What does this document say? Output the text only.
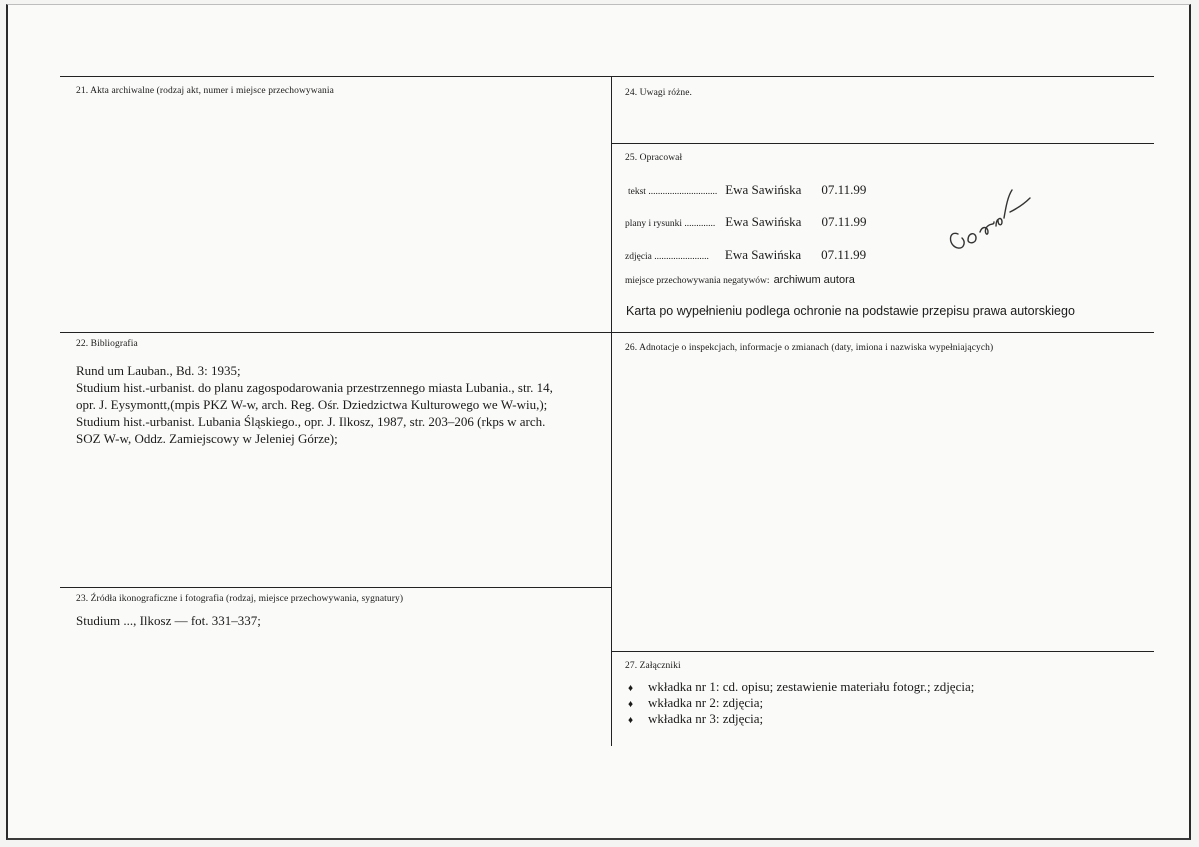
21. Akta archiwalne (rodzaj akt, numer i miejsce przechowywania	24. Uwagi różne.
25. Opracował
tekst ............................. Ewa Sawińska 07.11.99
plany i rysunki ............. Ewa Sawińska 07.11.99
zdjęcia ....................... Ewa Sawińska 07.11.99
miejsce przechowywania negatywów: archiwum autora
Karta po wypełnieniu podlega ochronie na podstawie przepisu prawa autorskiego
22. Bibliografia
Rund um Lauban., Bd. 3: 1935;
Studium hist.-urbanist. do planu zagospodarowania przestrzennego miasta Lubania., str. 14,
opr. J. Eysymontt,(mpis PKZ W-w, arch. Reg. Ośr. Dziedzictwa Kulturowego we W-wiu,);
Studium hist.-urbanist. Lubania Śląskiego., opr. J. Ilkosz, 1987, str. 203–206 (rkps w arch.
SOZ W-w, Oddz. Zamiejscowy w Jeleniej Górze);
26. Adnotacje o inspekcjach, informacje o zmianach (daty, imiona i nazwiska wypełniających)
23. Źródła ikonograficzne i fotografia (rodzaj, miejsce przechowywania, sygnatury)
Studium ..., Ilkosz — fot. 331–337;
27. Załączniki
♦ wkładka nr 1: cd. opisu; zestawienie materiału fotogr.; zdjęcia;
♦ wkładka nr 2: zdjęcia;
♦ wkładka nr 3: zdjęcia;
